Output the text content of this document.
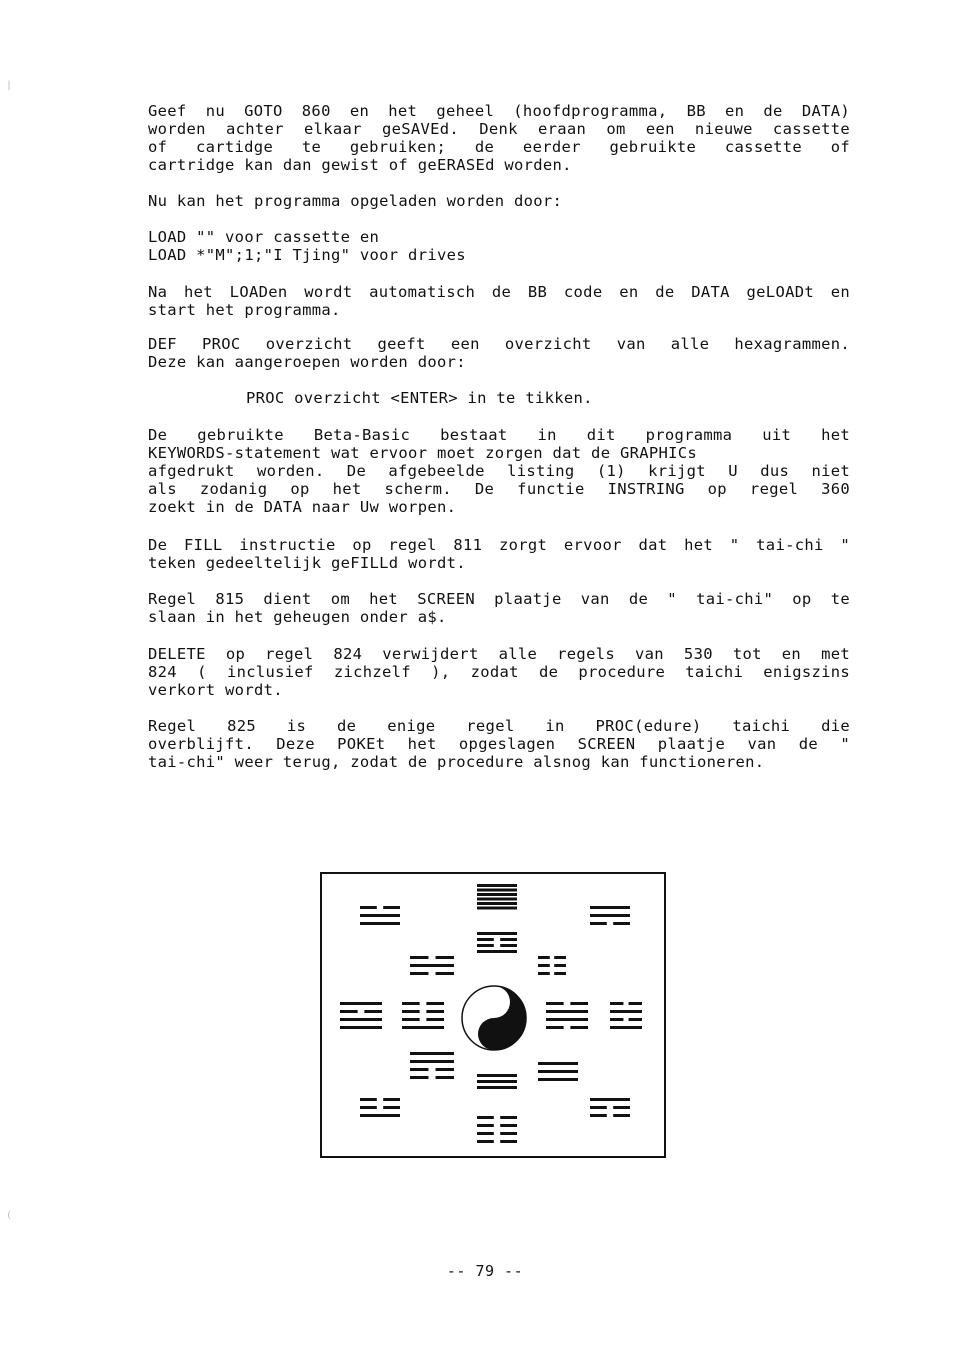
Geef nu GOTO 860 en het geheel (hoofdprogramma, BB en de DATA)
worden achter elkaar geSAVEd. Denk eraan om een nieuwe cassette
of cartidge te gebruiken; de eerder gebruikte cassette of
cartridge kan dan gewist of geERASEd worden.
Nu kan het programma opgeladen worden door:
LOAD "" voor cassette en
LOAD *"M";1;"I Tjing" voor drives
Na het LOADen wordt automatisch de BB code en de DATA geLOADt en
start het programma.
DEF PROC overzicht geeft een overzicht van alle hexagrammen.
Deze kan aangeroepen worden door:
PROC overzicht <ENTER> in te tikken.
De gebruikte Beta-Basic bestaat in dit programma uit het
KEYWORDS-statement wat ervoor moet zorgen dat de GRAPHICs
afgedrukt worden. De afgebeelde listing (1) krijgt U dus niet
als zodanig op het scherm. De functie INSTRING op regel 360
zoekt in de DATA naar Uw worpen.
De FILL instructie op regel 811 zorgt ervoor dat het " tai-chi "
teken gedeeltelijk geFILLd wordt.
Regel 815 dient om het SCREEN plaatje van de " tai-chi" op te
slaan in het geheugen onder a$.
DELETE op regel 824 verwijdert alle regels van 530 tot en met
824 ( inclusief zichzelf ), zodat de procedure taichi enigszins
verkort wordt.
Regel 825 is de enige regel in PROC(edure) taichi die
overblijft. Deze POKEt het opgeslagen SCREEN plaatje van de "
tai-chi" weer terug, zodat de procedure alsnog kan functioneren.
-- 79 --
|
(
